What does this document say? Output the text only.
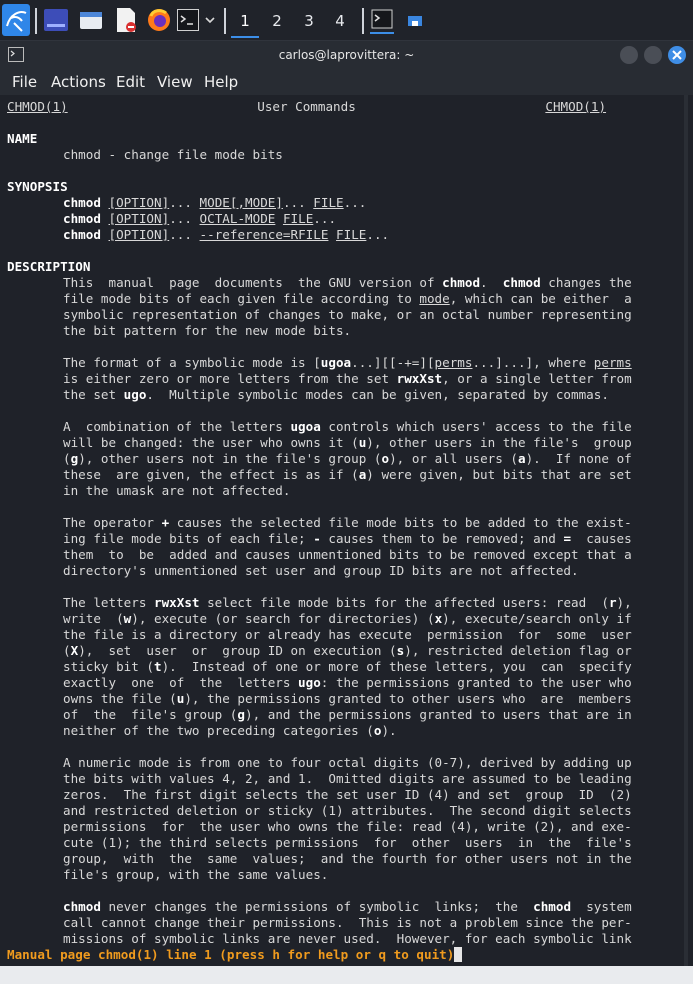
1	2	3	4
carlos@laprovittera: ~
File Actions Edit View Help
CHMOD(1)	User Commands	CHMOD(1)
NAME
chmod - change file mode bits
SYNOPSIS
chmod [OPTION]... MODE[,MODE]... FILE...
chmod [OPTION]... OCTAL-MODE FILE...
chmod [OPTION]... --reference=RFILE FILE...
DESCRIPTION
This  manual  page  documents  the GNU version of chmod.  chmod changes the
file mode bits of each given file according to mode, which can be either  a
symbolic representation of changes to make, or an octal number representing
the bit pattern for the new mode bits.
The format of a symbolic mode is [ugoa...][[-+=][perms...]...], where perms
is either zero or more letters from the set rwxXst, or a single letter from
the set ugo.  Multiple symbolic modes can be given, separated by commas.
A  combination of the letters ugoa controls which users' access to the file
will be changed: the user who owns it (u), other users in the file's  group
(g), other users not in the file's group (o), or all users (a).  If none of
these  are given, the effect is as if (a) were given, but bits that are set
in the umask are not affected.
The operator + causes the selected file mode bits to be added to the exist-
ing file mode bits of each file; - causes them to be removed; and =  causes
them  to  be  added and causes unmentioned bits to be removed except that a
directory's unmentioned set user and group ID bits are not affected.
The letters rwxXst select file mode bits for the affected users: read  (r),
write  (w), execute (or search for directories) (x), execute/search only if
the file is a directory or already has execute  permission  for  some  user
(X),  set  user  or  group ID on execution (s), restricted deletion flag or
sticky bit (t).  Instead of one or more of these letters, you  can  specify
exactly  one  of  the  letters ugo: the permissions granted to the user who
owns the file (u), the permissions granted to other users who  are  members
of  the  file's group (g), and the permissions granted to users that are in
neither of the two preceding categories (o).
A numeric mode is from one to four octal digits (0-7), derived by adding up
the bits with values 4, 2, and 1.  Omitted digits are assumed to be leading
zeros.  The first digit selects the set user ID (4) and set  group  ID  (2)
and restricted deletion or sticky (1) attributes.  The second digit selects
permissions  for  the user who owns the file: read (4), write (2), and exe-
cute (1); the third selects permissions  for  other  users  in  the  file's
group,  with  the  same  values;  and the fourth for other users not in the
file's group, with the same values.
chmod never changes the permissions of symbolic  links;  the  chmod  system
call cannot change their permissions.  This is not a problem since the per-
missions of symbolic links are never used.  However, for each symbolic link
Manual page chmod(1) line 1 (press h for help or q to quit)
